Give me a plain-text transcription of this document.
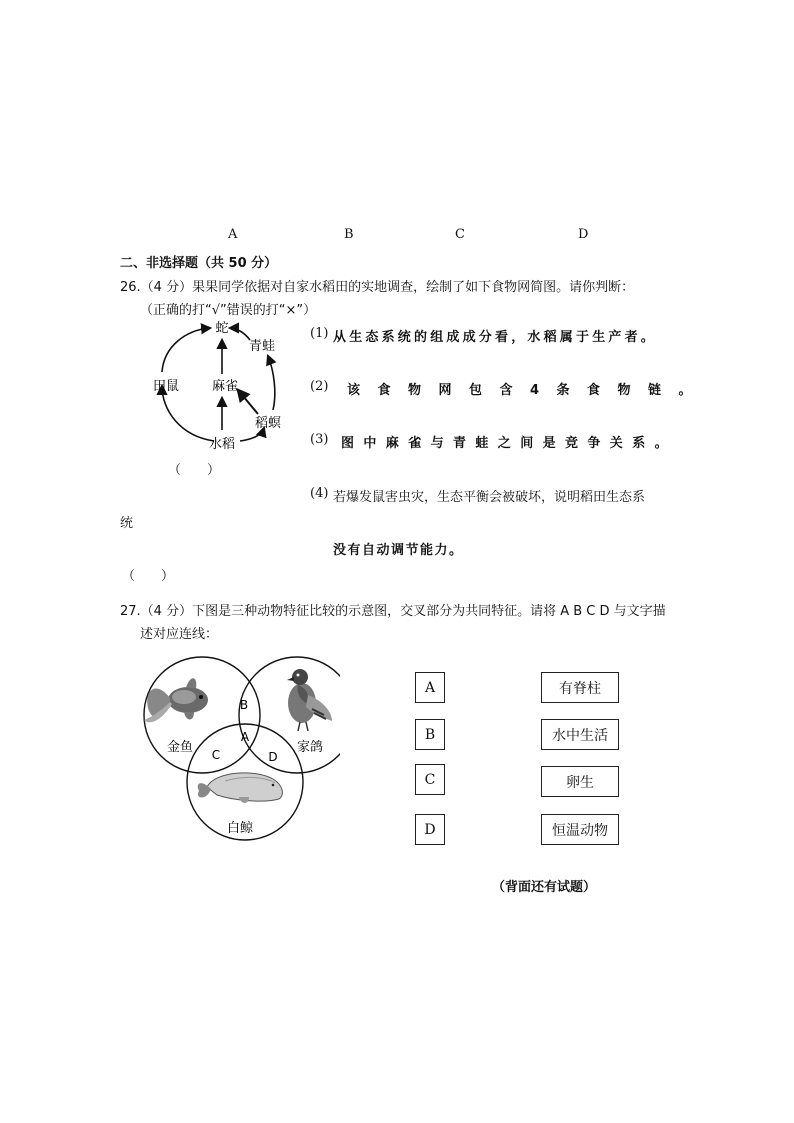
A	B	C	D
二、非选择题（共 50 分）
26.（4 分）果果同学依据对自家水稻田的实地调查，绘制了如下食物网简图。请你判断：
（正确的打“√”错误的打“×”）
蛇
青蛙
田鼠	麻雀
稻螟
水稻
(1) 从生态系统的组成成分看，水稻属于生产者。
(2) 该食物网包含4条食物链。
(3) 图中麻雀与青蛙之间是竞争关系。
（　　）
(4) 若爆发鼠害虫灾，生态平衡会被破坏，说明稻田生态系
统
没有自动调节能力。
（　　）
27.（4 分）下图是三种动物特征比较的示意图，交叉部分为共同特征。请将 A B C D 与文字描
述对应连线：
B
A
C	D
金鱼	家鸽
白鲸
A
B
C
D
有脊柱
水中生活
卵生
恒温动物
（背面还有试题）
